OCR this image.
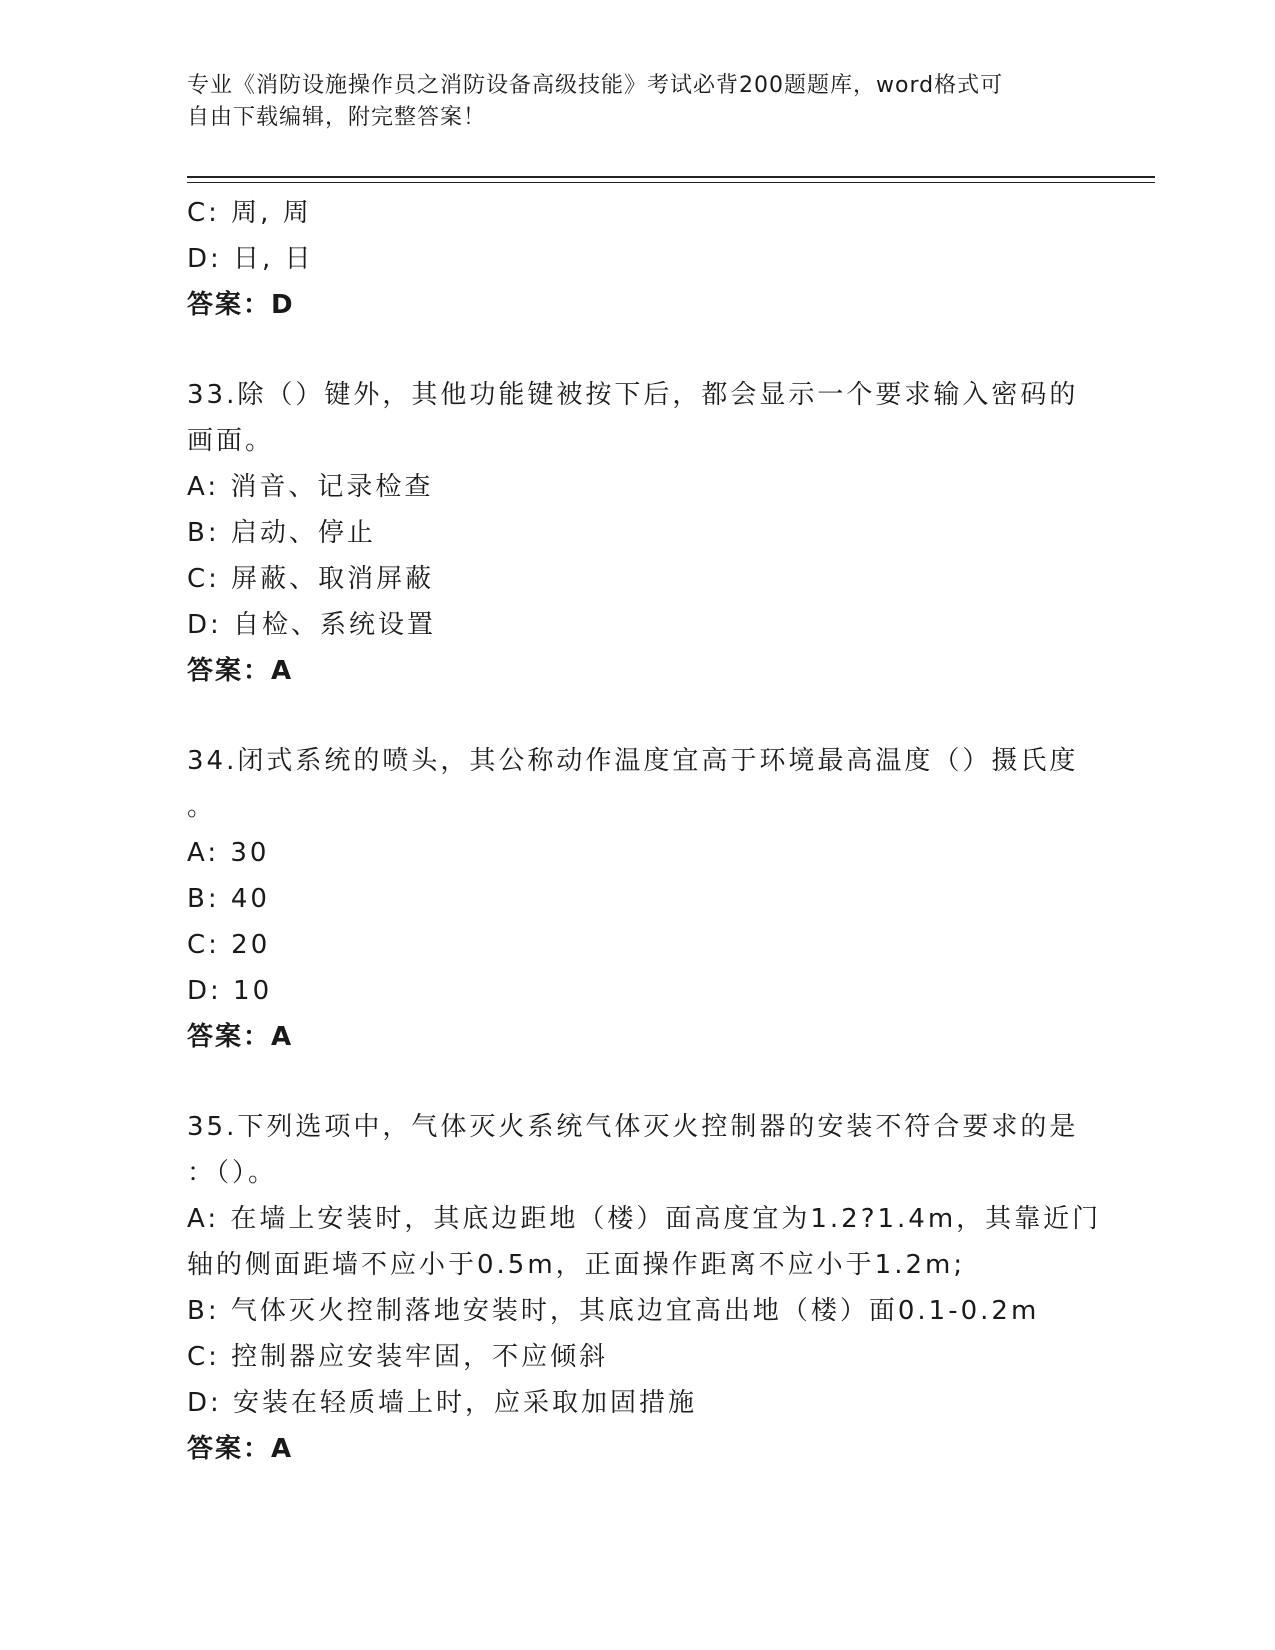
专业《消防设施操作员之消防设备高级技能》考试必背200题题库，word格式可
自由下载编辑，附完整答案！
C: 周, 周
D: 日, 日
答案：D
33.除（）键外，其他功能键被按下后，都会显示一个要求输入密码的
画面。
A: 消音、记录检查
B: 启动、停止
C: 屏蔽、取消屏蔽
D: 自检、系统设置
答案：A
34.闭式系统的喷头，其公称动作温度宜高于环境最高温度（）摄氏度
。
A: 30
B: 40
C: 20
D: 10
答案：A
35.下列选项中，气体灭火系统气体灭火控制器的安装不符合要求的是
：（）。
A: 在墙上安装时，其底边距地（楼）面高度宜为1.2?1.4m，其靠近门
轴的侧面距墙不应小于0.5m，正面操作距离不应小于1.2m;
B: 气体灭火控制落地安装时，其底边宜高出地（楼）面0.1-0.2m
C: 控制器应安装牢固，不应倾斜
D: 安装在轻质墙上时，应采取加固措施
答案：A
